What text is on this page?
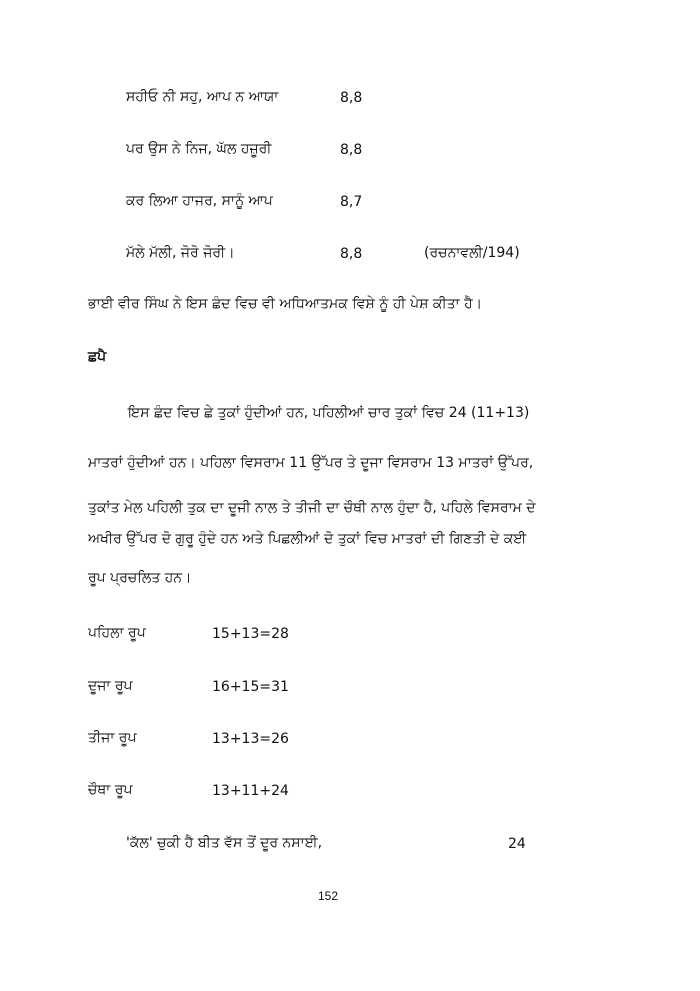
ਸਹੀਓ ਨੀ ਸਹੁ, ਆਪ ਨ ਆਯਾ	8,8
ਪਰ ਉਸ ਨੇ ਨਿਜ, ਘੱਲ ਹਜ਼ੂਰੀ	8,8
ਕਰ ਲਿਆ ਹਾਜਰ, ਸਾਨੂੰ ਆਪ	8,7
ਮੱਲੇ ਮੱਲੀ, ਜੋਰੋ ਜੋਰੀ।	8,8	(ਰਚਨਾਵਲੀ/194)

ਭਾਈ ਵੀਰ ਸਿੰਘ ਨੇ ਇਸ ਛੰਦ ਵਿਚ ਵੀ ਅਧਿਆਤਮਕ ਵਿਸ਼ੇ ਨੂੰ ਹੀ ਪੇਸ਼ ਕੀਤਾ ਹੈ।

ਛਪੈ
ਇਸ ਛੰਦ ਵਿਚ ਛੇ ਤੁਕਾਂ ਹੁੰਦੀਆਂ ਹਨ, ਪਹਿਲੀਆਂ ਚਾਰ ਤੁਕਾਂ ਵਿਚ 24 (11+13)
ਮਾਤਰਾਂ ਹੁੰਦੀਆਂ ਹਨ। ਪਹਿਲਾ ਵਿਸਰਾਮ 11 ਉੱਪਰ ਤੇ ਦੂਜਾ ਵਿਸਰਾਮ 13 ਮਾਤਰਾਂ ਉੱਪਰ,
ਤੁਕਾਂਤ ਮੇਲ ਪਹਿਲੀ ਤੁਕ ਦਾ ਦੂਜੀ ਨਾਲ ਤੇ ਤੀਜੀ ਦਾ ਚੌਥੀ ਨਾਲ ਹੁੰਦਾ ਹੈ, ਪਹਿਲੇ ਵਿਸਰਾਮ ਦੇ
ਅਖੀਰ ਉੱਪਰ ਦੋ ਗੁਰੂ ਹੁੰਦੇ ਹਨ ਅਤੇ ਪਿਛਲੀਆਂ ਦੋ ਤੁਕਾਂ ਵਿਚ ਮਾਤਰਾਂ ਦੀ ਗਿਣਤੀ ਦੇ ਕਈ
ਰੂਪ ਪ੍ਰਚਲਿਤ ਹਨ।
ਪਹਿਲਾ ਰੂਪ	15+13=28
ਦੂਜਾ ਰੂਪ	16+15=31
ਤੀਜਾ ਰੂਪ	13+13=26
ਚੌਥਾ ਰੂਪ	13+11+24
'ਕੱਲ' ਚੁਕੀ ਹੈ ਬੀਤ ਵੱਸ ਤੋਂ ਦੂਰ ਨਸਾਈ,	24
152
